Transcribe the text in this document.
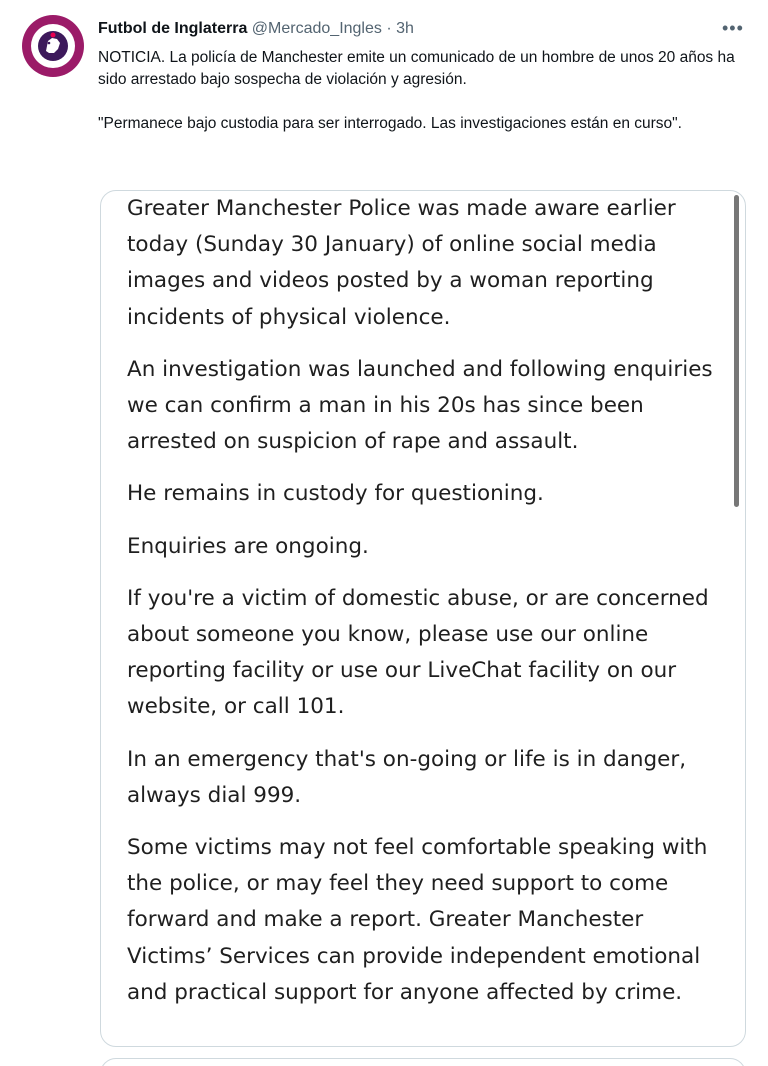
Futbol de Inglaterra @Mercado_Ingles · 3h	•••

NOTICIA. La policía de Manchester emite un comunicado de un hombre de unos 20 años ha sido arrestado bajo sospecha de violación y agresión.

"Permanece bajo custodia para ser interrogado. Las investigaciones están en curso".

Greater Manchester Police was made aware earlier today (Sunday 30 January) of online social media images and videos posted by a woman reporting incidents of physical violence.

An investigation was launched and following enquiries we can confirm a man in his 20s has since been arrested on suspicion of rape and assault.

He remains in custody for questioning.

Enquiries are ongoing.

If you're a victim of domestic abuse, or are concerned about someone you know, please use our online reporting facility or use our LiveChat facility on our website, or call 101.

In an emergency that's on-going or life is in danger, always dial 999.

Some victims may not feel comfortable speaking with the police, or may feel they need support to come forward and make a report. Greater Manchester Victims’ Services can provide independent emotional and practical support for anyone affected by crime.
